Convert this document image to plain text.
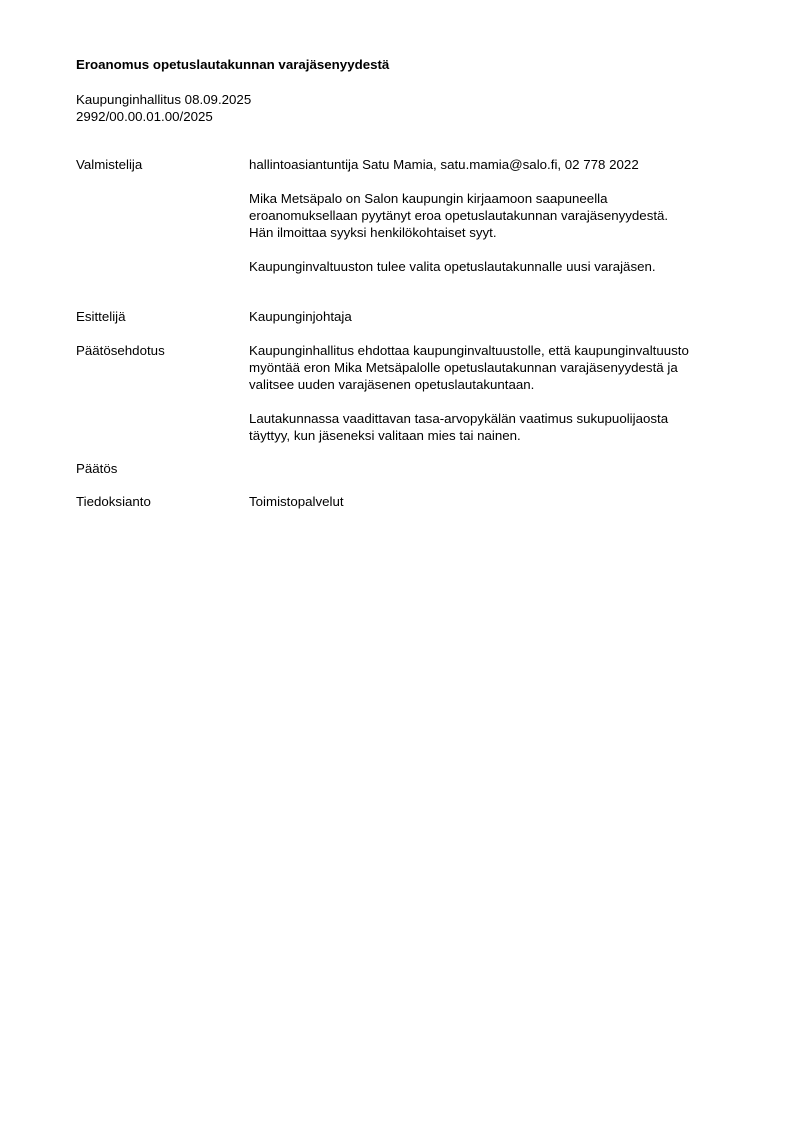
Eroanomus opetuslautakunnan varajäsenyydestä
Kaupunginhallitus 08.09.2025
2992/00.00.01.00/2025
Valmistelija	hallintoasiantuntija Satu Mamia, satu.mamia@salo.fi, 02 778 2022

Mika Metsäpalo on Salon kaupungin kirjaamoon saapuneella
eroanomuksellaan pyytänyt eroa opetuslautakunnan varajäsenyydestä.
Hän ilmoittaa syyksi henkilökohtaiset syyt.

Kaupunginvaltuuston tulee valita opetuslautakunnalle uusi varajäsen.

Esittelijä	Kaupunginjohtaja

Päätösehdotus	Kaupunginhallitus ehdottaa kaupunginvaltuustolle, että kaupunginvaltuusto
myöntää eron Mika Metsäpalolle opetuslautakunnan varajäsenyydestä ja
valitsee uuden varajäsenen opetuslautakuntaan.

Lautakunnassa vaadittavan tasa-arvopykälän vaatimus sukupuolijaosta
täyttyy, kun jäseneksi valitaan mies tai nainen.

Päätös
Tiedoksianto	Toimistopalvelut
